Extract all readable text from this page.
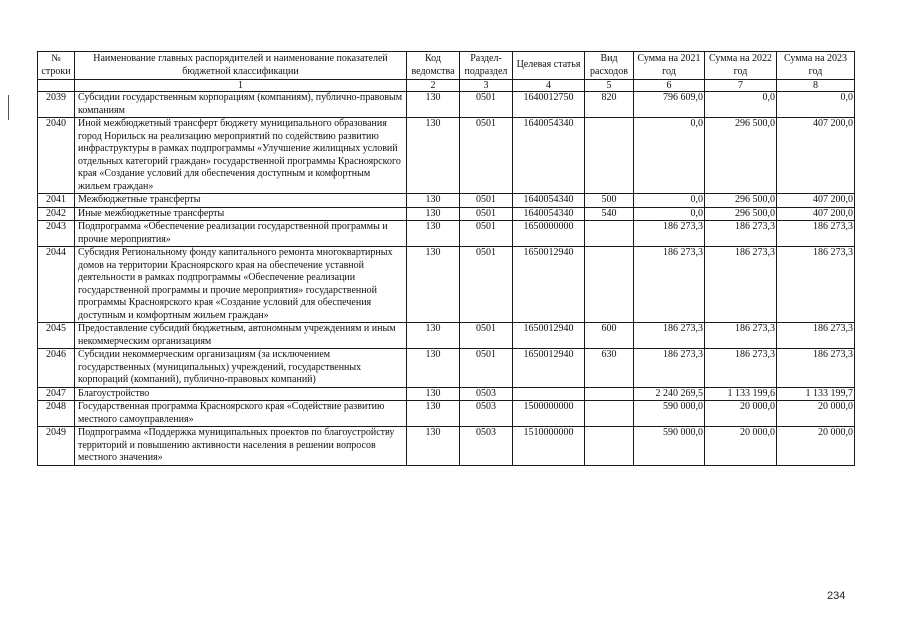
№ строки	Наименование главных распорядителей и наименование показателей бюджетной классификации	Код ведомства	Раздел-подраздел	Целевая статья	Вид расходов	Сумма на 2021 год	Сумма на 2022 год	Сумма на 2023 год
	1	2	3	4	5	6	7	8
2039	Субсидии государственным корпорациям (компаниям), публично-правовым компаниям	130	0501	1640012750	820	796 609,0	0,0	0,0
2040	Иной межбюджетный трансферт бюджету муниципального образования город Норильск на реализацию мероприятий по содействию развитию инфраструктуры в рамках подпрограммы «Улучшение жилищных условий отдельных категорий граждан» государственной программы Красноярского края «Создание условий для обеспечения доступным и комфортным жильем граждан»	130	0501	1640054340		0,0	296 500,0	407 200,0
2041	Межбюджетные трансферты	130	0501	1640054340	500	0,0	296 500,0	407 200,0
2042	Иные межбюджетные трансферты	130	0501	1640054340	540	0,0	296 500,0	407 200,0
2043	Подпрограмма «Обеспечение реализации государственной программы и прочие мероприятия»	130	0501	1650000000		186 273,3	186 273,3	186 273,3
2044	Субсидия Региональному фонду капитального ремонта многоквартирных домов на территории Красноярского края на обеспечение уставной деятельности в рамках подпрограммы «Обеспечение реализации государственной программы и прочие мероприятия» государственной программы Красноярского края «Создание условий для обеспечения доступным и комфортным жильем граждан»	130	0501	1650012940		186 273,3	186 273,3	186 273,3
2045	Предоставление субсидий бюджетным, автономным учреждениям и иным некоммерческим организациям	130	0501	1650012940	600	186 273,3	186 273,3	186 273,3
2046	Субсидии некоммерческим организациям (за исключением государственных (муниципальных) учреждений, государственных корпораций (компаний), публично-правовых компаний)	130	0501	1650012940	630	186 273,3	186 273,3	186 273,3
2047	Благоустройство	130	0503			2 240 269,5	1 133 199,6	1 133 199,7
2048	Государственная программа Красноярского края «Содействие развитию местного самоуправления»	130	0503	1500000000		590 000,0	20 000,0	20 000,0
2049	Подпрограмма «Поддержка муниципальных проектов по благоустройству территорий и повышению активности населения в решении вопросов местного значения»	130	0503	1510000000		590 000,0	20 000,0	20 000,0
234
